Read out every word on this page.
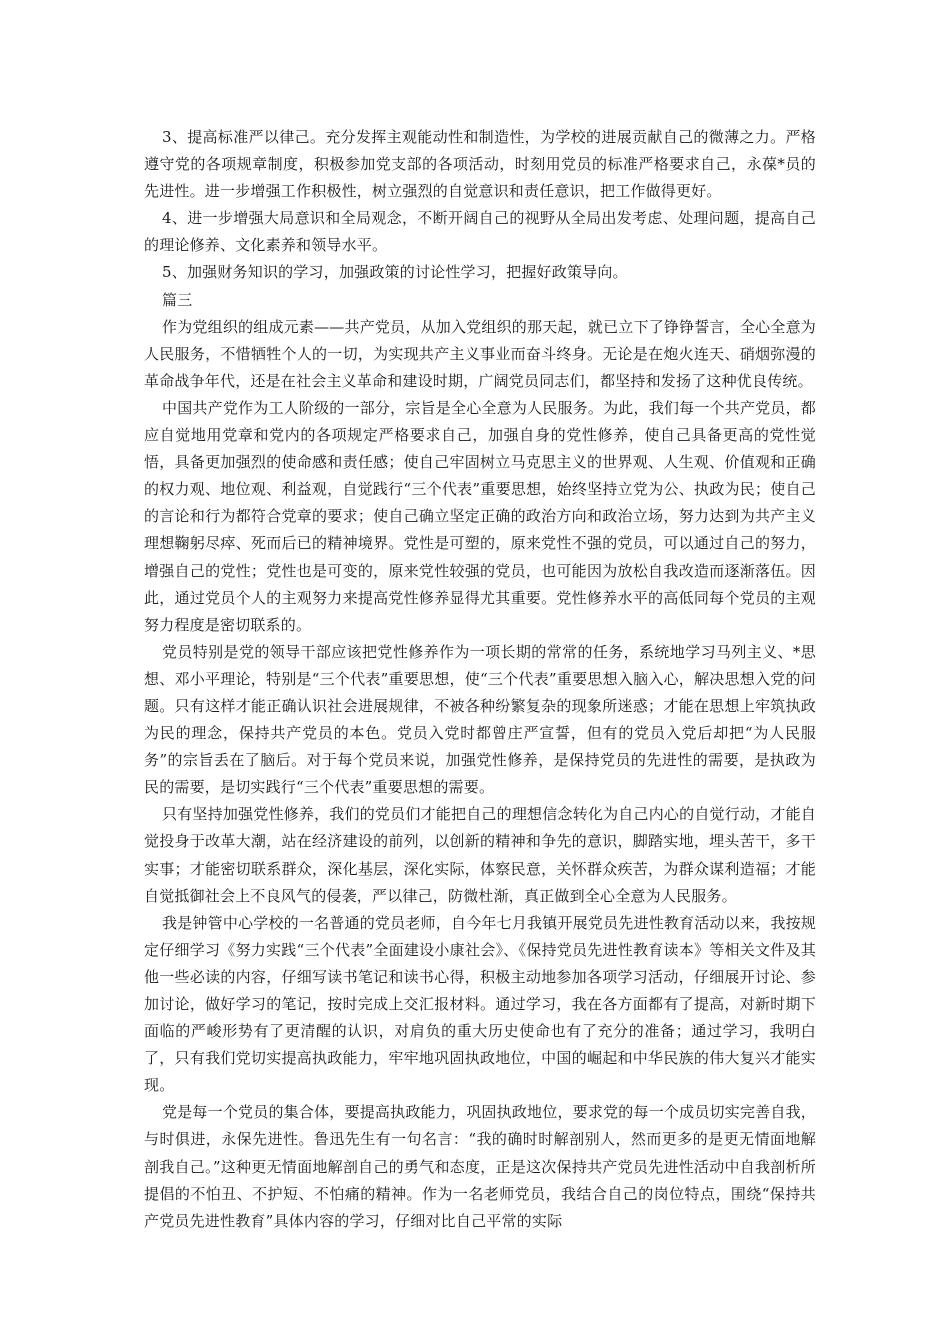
3、提高标准严以律己。充分发挥主观能动性和制造性，为学校的进展贡献自己的微薄之力。严格遵守党的各项规章制度，积极参加党支部的各项活动，时刻用党员的标准严格要求自己，永葆*员的先进性。进一步增强工作积极性，树立强烈的自觉意识和责任意识，把工作做得更好。

4、进一步增强大局意识和全局观念，不断开阔自己的视野从全局出发考虑、处理问题，提高自己的理论修养、文化素养和领导水平。

5、加强财务知识的学习，加强政策的讨论性学习，把握好政策导向。

篇三

作为党组织的组成元素——共产党员，从加入党组织的那天起，就已立下了铮铮誓言，全心全意为人民服务，不惜牺牲个人的一切，为实现共产主义事业而奋斗终身。无论是在炮火连天、硝烟弥漫的革命战争年代，还是在社会主义革命和建设时期，广阔党员同志们，都坚持和发扬了这种优良传统。

中国共产党作为工人阶级的一部分，宗旨是全心全意为人民服务。为此，我们每一个共产党员，都应自觉地用党章和党内的各项规定严格要求自己，加强自身的党性修养，使自己具备更高的党性觉悟，具备更加强烈的使命感和责任感；使自己牢固树立马克思主义的世界观、人生观、价值观和正确的权力观、地位观、利益观，自觉践行“三个代表”重要思想，始终坚持立党为公、执政为民；使自己的言论和行为都符合党章的要求；使自己确立坚定正确的政治方向和政治立场，努力达到为共产主义理想鞠躬尽瘁、死而后已的精神境界。党性是可塑的，原来党性不强的党员，可以通过自己的努力，增强自己的党性；党性也是可变的，原来党性较强的党员，也可能因为放松自我改造而逐渐落伍。因此，通过党员个人的主观努力来提高党性修养显得尤其重要。党性修养水平的高低同每个党员的主观努力程度是密切联系的。

党员特别是党的领导干部应该把党性修养作为一项长期的常常的任务，系统地学习马列主义、*思想、邓小平理论，特别是“三个代表”重要思想，使“三个代表”重要思想入脑入心，解决思想入党的问题。只有这样才能正确认识社会进展规律，不被各种纷繁复杂的现象所迷惑；才能在思想上牢筑执政为民的理念，保持共产党员的本色。党员入党时都曾庄严宣誓，但有的党员入党后却把“为人民服务”的宗旨丢在了脑后。对于每个党员来说，加强党性修养，是保持党员的先进性的需要，是执政为民的需要，是切实践行“三个代表”重要思想的需要。

只有坚持加强党性修养，我们的党员们才能把自己的理想信念转化为自己内心的自觉行动，才能自觉投身于改革大潮，站在经济建设的前列，以创新的精神和争先的意识，脚踏实地，埋头苦干，多干实事；才能密切联系群众，深化基层，深化实际，体察民意，关怀群众疾苦，为群众谋利造福；才能自觉抵御社会上不良风气的侵袭，严以律己，防微杜渐，真正做到全心全意为人民服务。

我是钟管中心学校的一名普通的党员老师，自今年七月我镇开展党员先进性教育活动以来，我按规定仔细学习《努力实践“三个代表”全面建设小康社会》、《保持党员先进性教育读本》等相关文件及其他一些必读的内容，仔细写读书笔记和读书心得，积极主动地参加各项学习活动，仔细展开讨论、参加讨论，做好学习的笔记，按时完成上交汇报材料。通过学习，我在各方面都有了提高，对新时期下面临的严峻形势有了更清醒的认识，对肩负的重大历史使命也有了充分的准备；通过学习，我明白了，只有我们党切实提高执政能力，牢牢地巩固执政地位，中国的崛起和中华民族的伟大复兴才能实现。

党是每一个党员的集合体，要提高执政能力，巩固执政地位，要求党的每一个成员切实完善自我，与时俱进，永保先进性。鲁迅先生有一句名言：“我的确时时解剖别人，然而更多的是更无情面地解剖我自己。”这种更无情面地解剖自己的勇气和态度，正是这次保持共产党员先进性活动中自我剖析所提倡的不怕丑、不护短、不怕痛的精神。作为一名老师党员，我结合自己的岗位特点，围绕“保持共产党员先进性教育”具体内容的学习，仔细对比自己平常的实际
